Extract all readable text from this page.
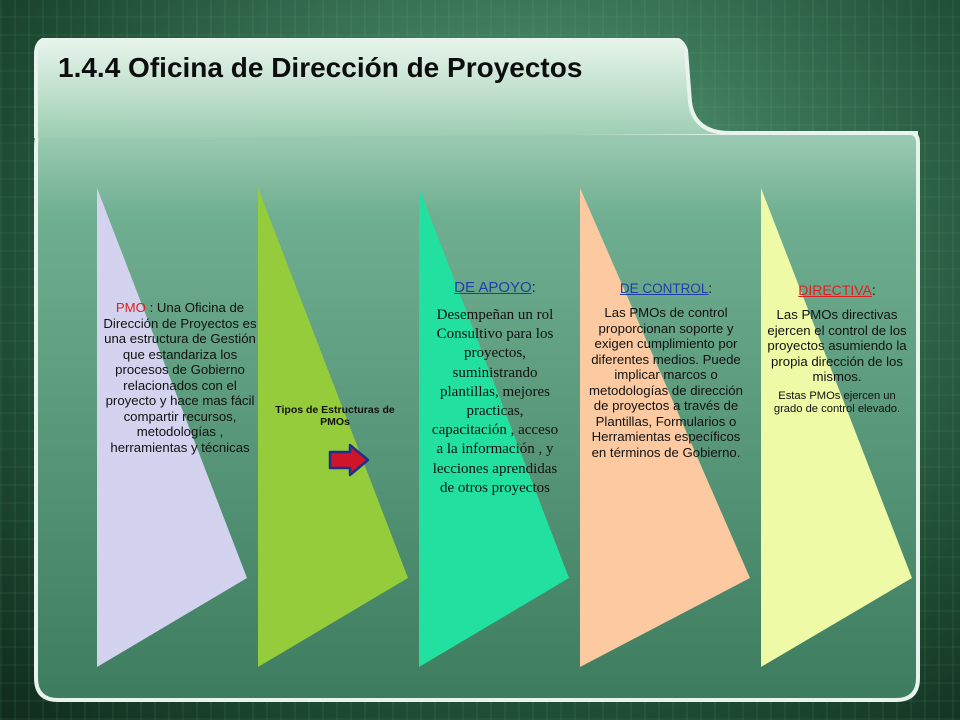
1.4.4 Oficina de Dirección de Proyectos
PMO : Una Oficina de Dirección de Proyectos es una estructura de Gestión que estandariza los procesos de Gobierno relacionados con el proyecto y hace mas fácil compartir recursos, metodologías , herramientas y técnicas
Tipos de Estructuras de PMOs
DE APOYO:
Desempeñan un rol Consultivo para los proyectos, suministrando plantillas, mejores practicas, capacitación , acceso a la información , y lecciones aprendidas de otros proyectos
DE CONTROL:
Las PMOs de control proporcionan soporte y exigen cumplimiento por diferentes medios. Puede implicar marcos o metodologías de dirección de proyectos a través de Plantillas, Formularios o Herramientas específicos en términos de Gobierno.
DIRECTIVA:
Las PMOs directivas ejercen el control de los proyectos asumiendo la propia dirección de los mismos.
Estas PMOs ejercen un grado de control elevado.
